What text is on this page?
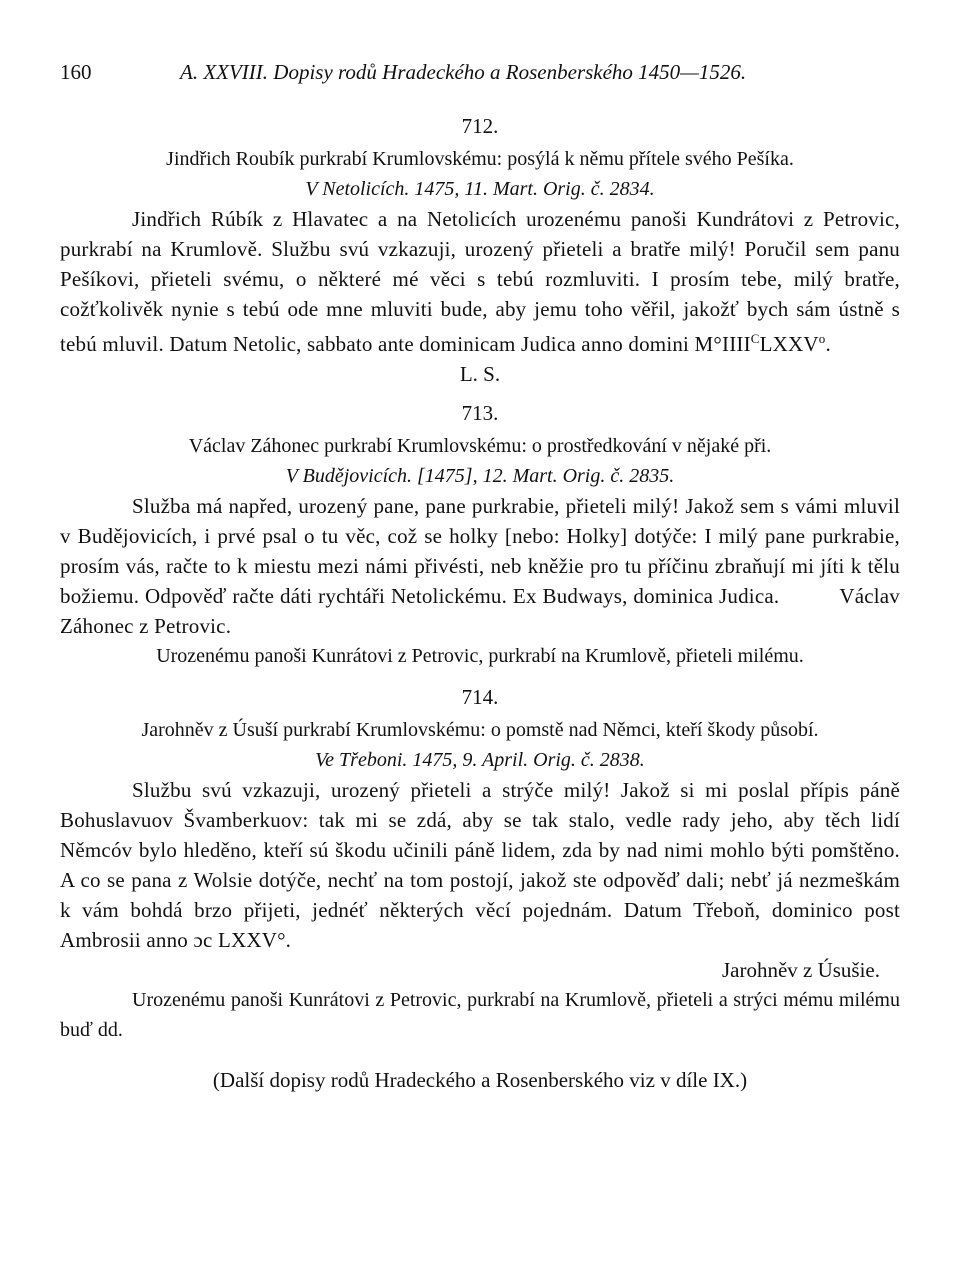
160	A. XXVIII. Dopisy rodů Hradeckého a Rosenberského 1450—1526.
712.
Jindřich Roubík purkrabí Krumlovskému: posýlá k němu přítele svého Pešíka.
V Netolicích. 1475, 11. Mart. Orig. č. 2834.
Jindřich Rúbík z Hlavatec a na Netolicích urozenému panoši Kundrátovi z Petrovic, purkrabí na Krumlově. Službu svú vzkazuji, urozený přieteli a bratře milý! Poručil sem panu Pešíkovi, přieteli svému, o některé mé věci s tebú rozmluviti. I prosím tebe, milý bratře, cožťkolivěk nynie s tebú ode mne mluviti bude, aby jemu toho věřil, jakožť bych sám ústně s tebú mluvil. Datum Netolic, sabbato ante dominicam Judica anno domini $M^\circ IIII^CLXXV^o$.
L. S.
713.
Václav Záhonec purkrabí Krumlovskému: o prostředkování v nějaké při.
V Budějovicích. [1475], 12. Mart. Orig. č. 2835.
Služba má napřed, urozený pane, pane purkrabie, přieteli milý! Jakož sem s vámi mluvil v Budějovicích, i prvé psal o tu věc, což se holky [nebo: Holky] dotýče: I milý pane purkrabie, prosím vás, račte to k miestu mezi námi přivésti, neb kněžie pro tu příčinu zbraňují mi jíti k tělu božiemu. Odpověď račte dáti rychtáři Netolickému. Ex Budways, dominica Judica.	Václav Záhonec z Petrovic.
Urozenému panoši Kunrátovi z Petrovic, purkrabí na Krumlově, přieteli milému.
714.
Jarohněv z Úsuší purkrabí Krumlovskému: o pomstě nad Němci, kteří škody působí.
Ve Třeboni. 1475, 9. April. Orig. č. 2838.
Službu svú vzkazuji, urozený přieteli a strýče milý! Jakož si mi poslal přípis páně Bohuslavuov Švamberkuov: tak mi se zdá, aby se tak stalo, vedle rady jeho, aby těch lidí Němcóv bylo hleděno, kteří sú škodu učinili páně lidem, zda by nad nimi mohlo býti pomštěno. A co se pana z Wolsie dotýče, nechť na tom postojí, jakož ste odpověď dali; nebť já nezmeškám k vám bohdá brzo přijeti, jednéť některých věcí pojednám. Datum Třeboň, dominico post Ambrosii anno ɔc LXXV°.
Jarohněv z Úsušie.
Urozenému panoši Kunrátovi z Petrovic, purkrabí na Krumlově, přieteli a strýci mému milému buď dd.
(Další dopisy rodů Hradeckého a Rosenberského viz v díle IX.)
